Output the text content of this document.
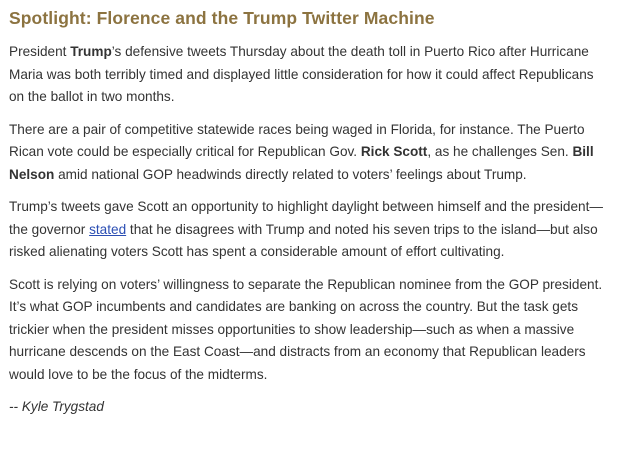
Spotlight: Florence and the Trump Twitter Machine

President Trump’s defensive tweets Thursday about the death toll in Puerto Rico after Hurricane Maria was both terribly timed and displayed little consideration for how it could affect Republicans on the ballot in two months.

There are a pair of competitive statewide races being waged in Florida, for instance. The Puerto Rican vote could be especially critical for Republican Gov. Rick Scott, as he challenges Sen. Bill Nelson amid national GOP headwinds directly related to voters’ feelings about Trump.

Trump’s tweets gave Scott an opportunity to highlight daylight between himself and the president—the governor stated that he disagrees with Trump and noted his seven trips to the island—but also risked alienating voters Scott has spent a considerable amount of effort cultivating.

Scott is relying on voters’ willingness to separate the Republican nominee from the GOP president. It’s what GOP incumbents and candidates are banking on across the country. But the task gets trickier when the president misses opportunities to show leadership—such as when a massive hurricane descends on the East Coast—and distracts from an economy that Republican leaders would love to be the focus of the midterms.

-- Kyle Trygstad
